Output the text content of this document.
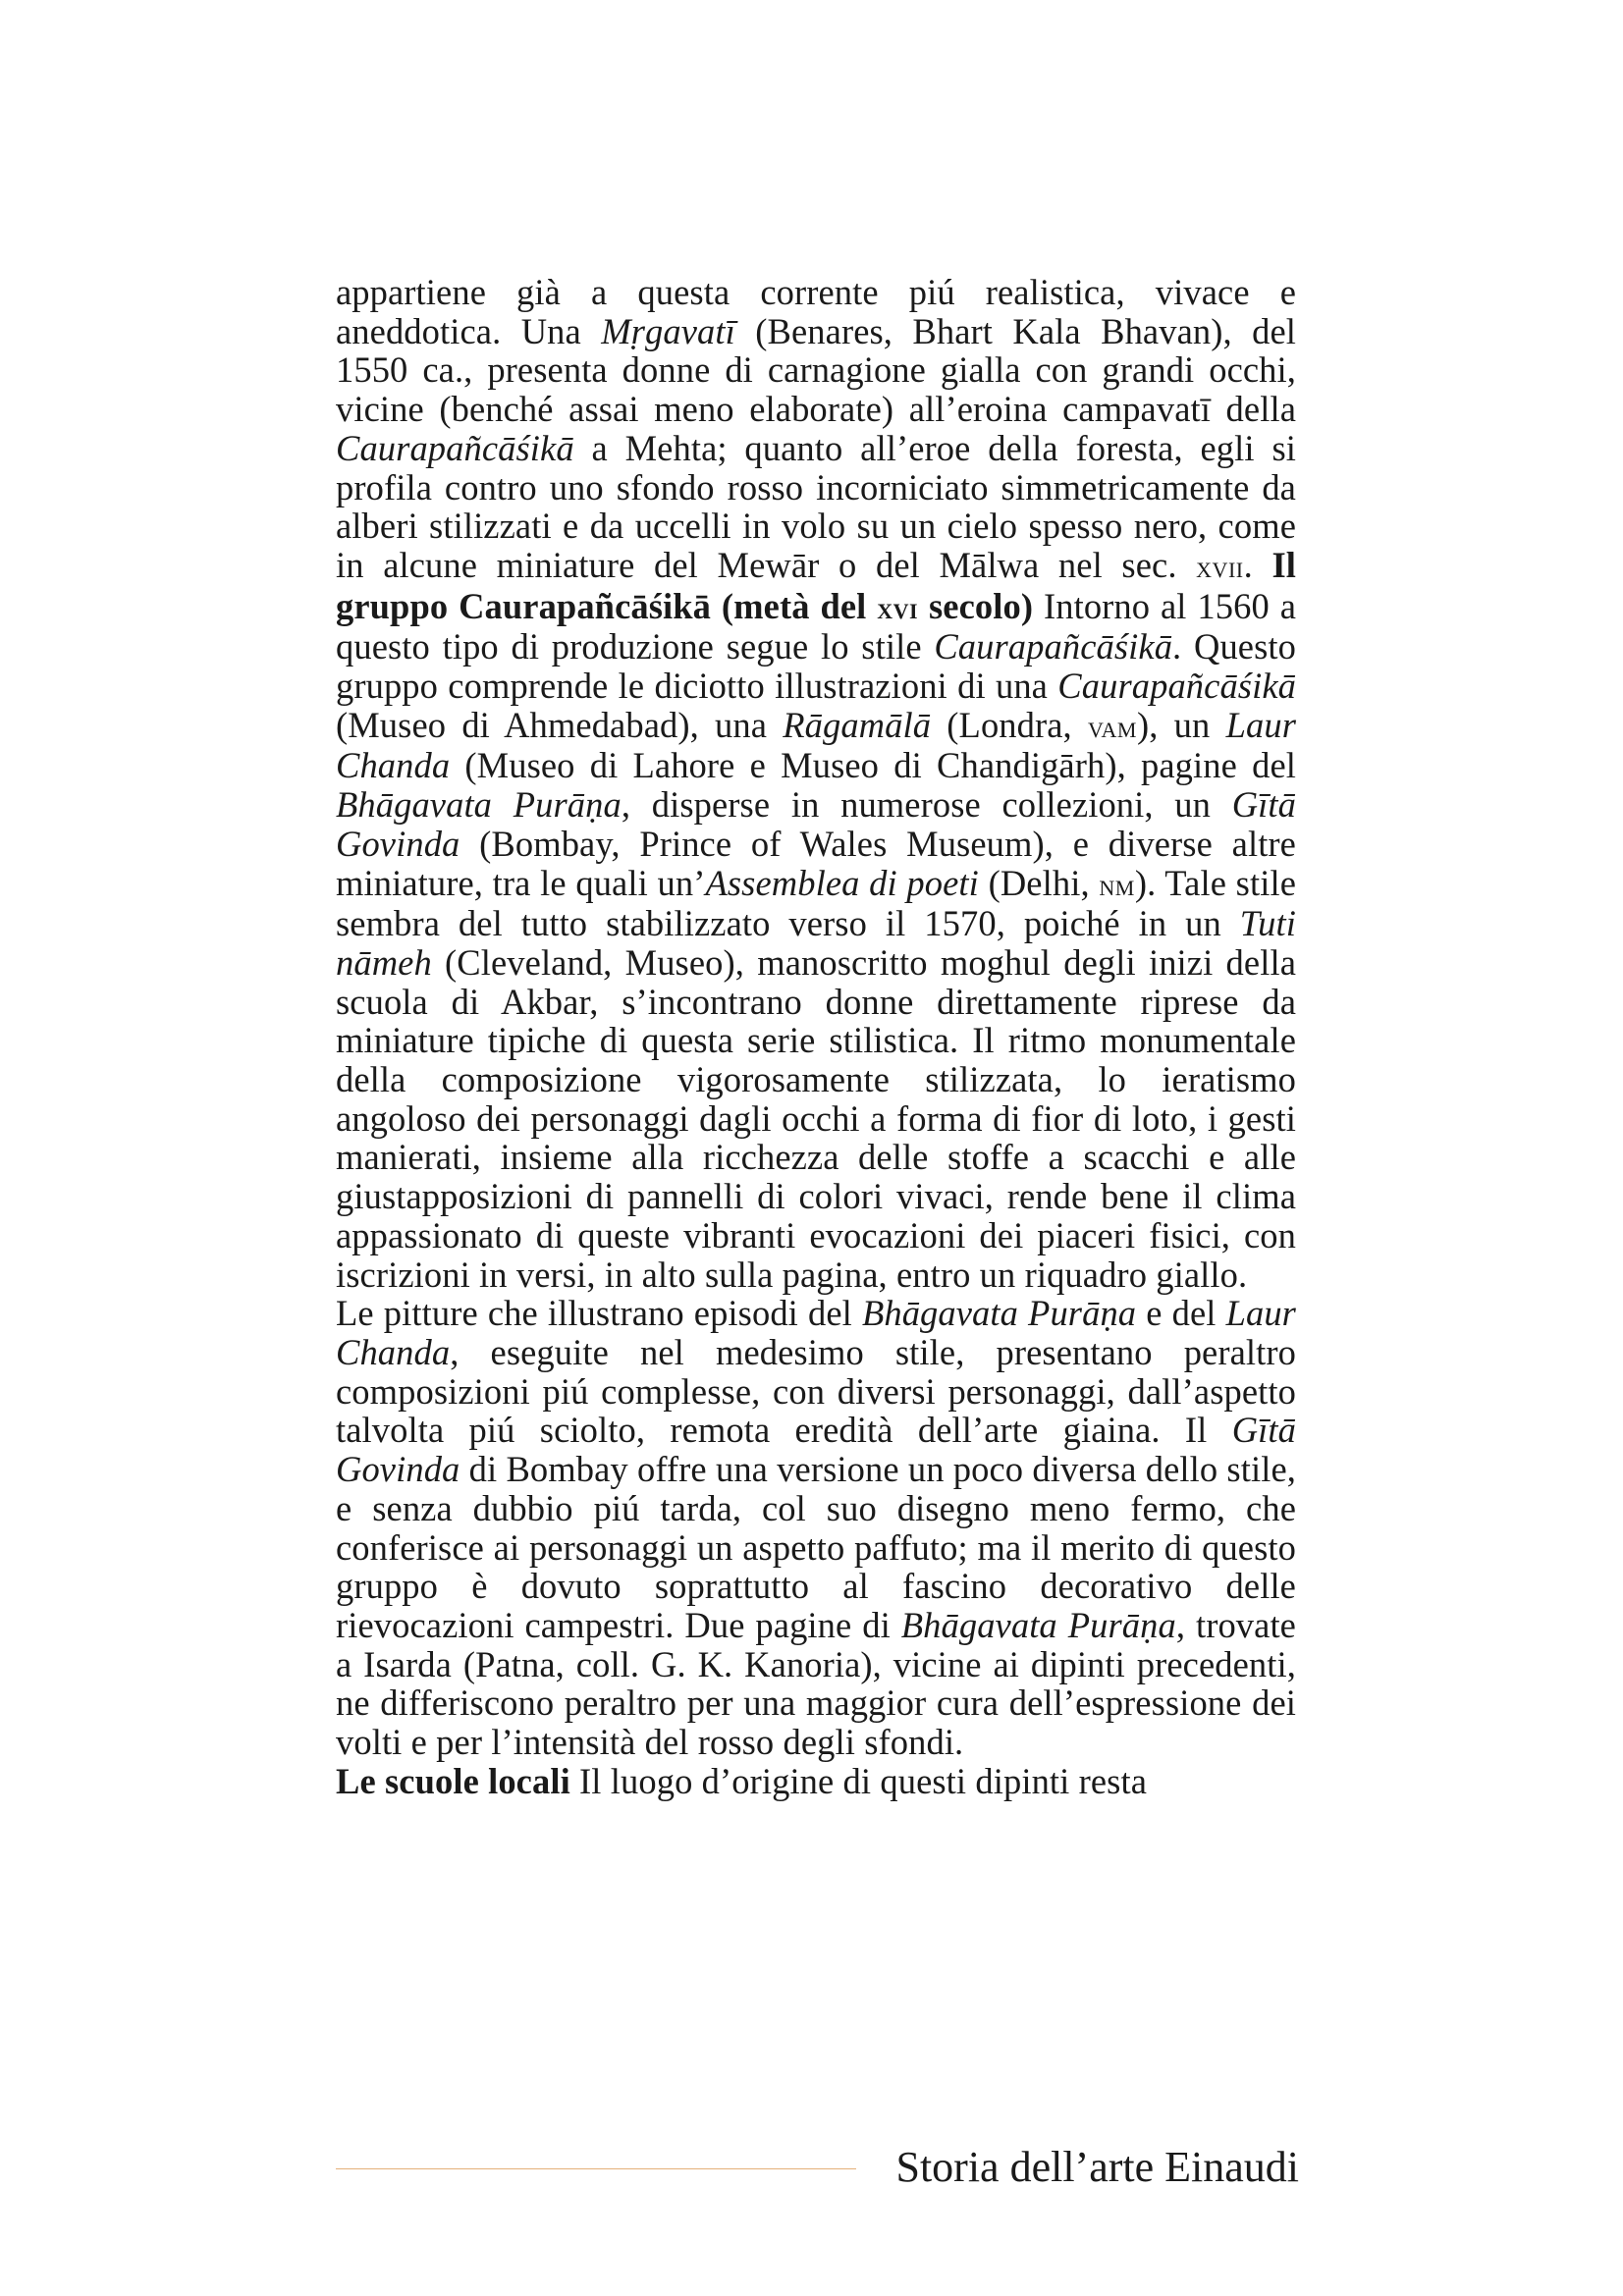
appartiene già a questa corrente piú realistica, vivace e aneddotica. Una Mṛgavatī (Benares, Bhart Kala Bhavan), del 1550 ca., presenta donne di carnagione gialla con grandi occhi, vicine (benché assai meno elaborate) all’eroina campavatī della Caurapañcāśikā a Mehta; quanto all’eroe della foresta, egli si profila contro uno sfondo rosso incorniciato simmetricamente da alberi stilizzati e da uccelli in volo su un cielo spesso nero, come in alcune miniature del Mewār o del Mālwa nel sec. xvii. Il gruppo Caurapañcāśikā (metà del xvi secolo) Intorno al 1560 a questo tipo di produzione segue lo stile Caurapañcāśikā. Questo gruppo comprende le diciotto illustrazioni di una Caurapañcāśikā (Museo di Ahmedabad), una Rāgamālā (Londra, vam), un Laur Chanda (Museo di Lahore e Museo di Chandigārh), pagine del Bhāgavata Purāṇa, disperse in numerose collezioni, un Gītā Govinda (Bombay, Prince of Wales Museum), e diverse altre miniature, tra le quali un’Assemblea di poeti (Delhi, nm). Tale stile sembra del tutto stabilizzato verso il 1570, poiché in un Tuti nāmeh (Cleveland, Museo), manoscritto moghul degli inizi della scuola di Akbar, s’incontrano donne direttamente riprese da miniature tipiche di questa serie stilistica. Il ritmo monumentale della composizione vigorosamente stilizzata, lo ieratismo angoloso dei personaggi dagli occhi a forma di fior di loto, i gesti manierati, insieme alla ricchezza delle stoffe a scacchi e alle giustapposizioni di pannelli di colori vivaci, rende bene il clima appassionato di queste vibranti evocazioni dei piaceri fisici, con iscrizioni in versi, in alto sulla pagina, entro un riquadro giallo.

Le pitture che illustrano episodi del Bhāgavata Purāṇa e del Laur Chanda, eseguite nel medesimo stile, presentano peraltro composizioni piú complesse, con diversi personaggi, dall’aspetto talvolta piú sciolto, remota eredità dell’arte giaina. Il Gītā Govinda di Bombay offre una versione un poco diversa dello stile, e senza dubbio piú tarda, col suo disegno meno fermo, che conferisce ai personaggi un aspetto paffuto; ma il merito di questo gruppo è dovuto soprattutto al fascino decorativo delle rievocazioni campestri. Due pagine di Bhāgavata Purāṇa, trovate a Isarda (Patna, coll. G. K. Kanoria), vicine ai dipinti precedenti, ne differiscono peraltro per una maggior cura dell’espressione dei volti e per l’intensità del rosso degli sfondi.

Le scuole locali Il luogo d’origine di questi dipinti resta

Storia dell’arte Einaudi
